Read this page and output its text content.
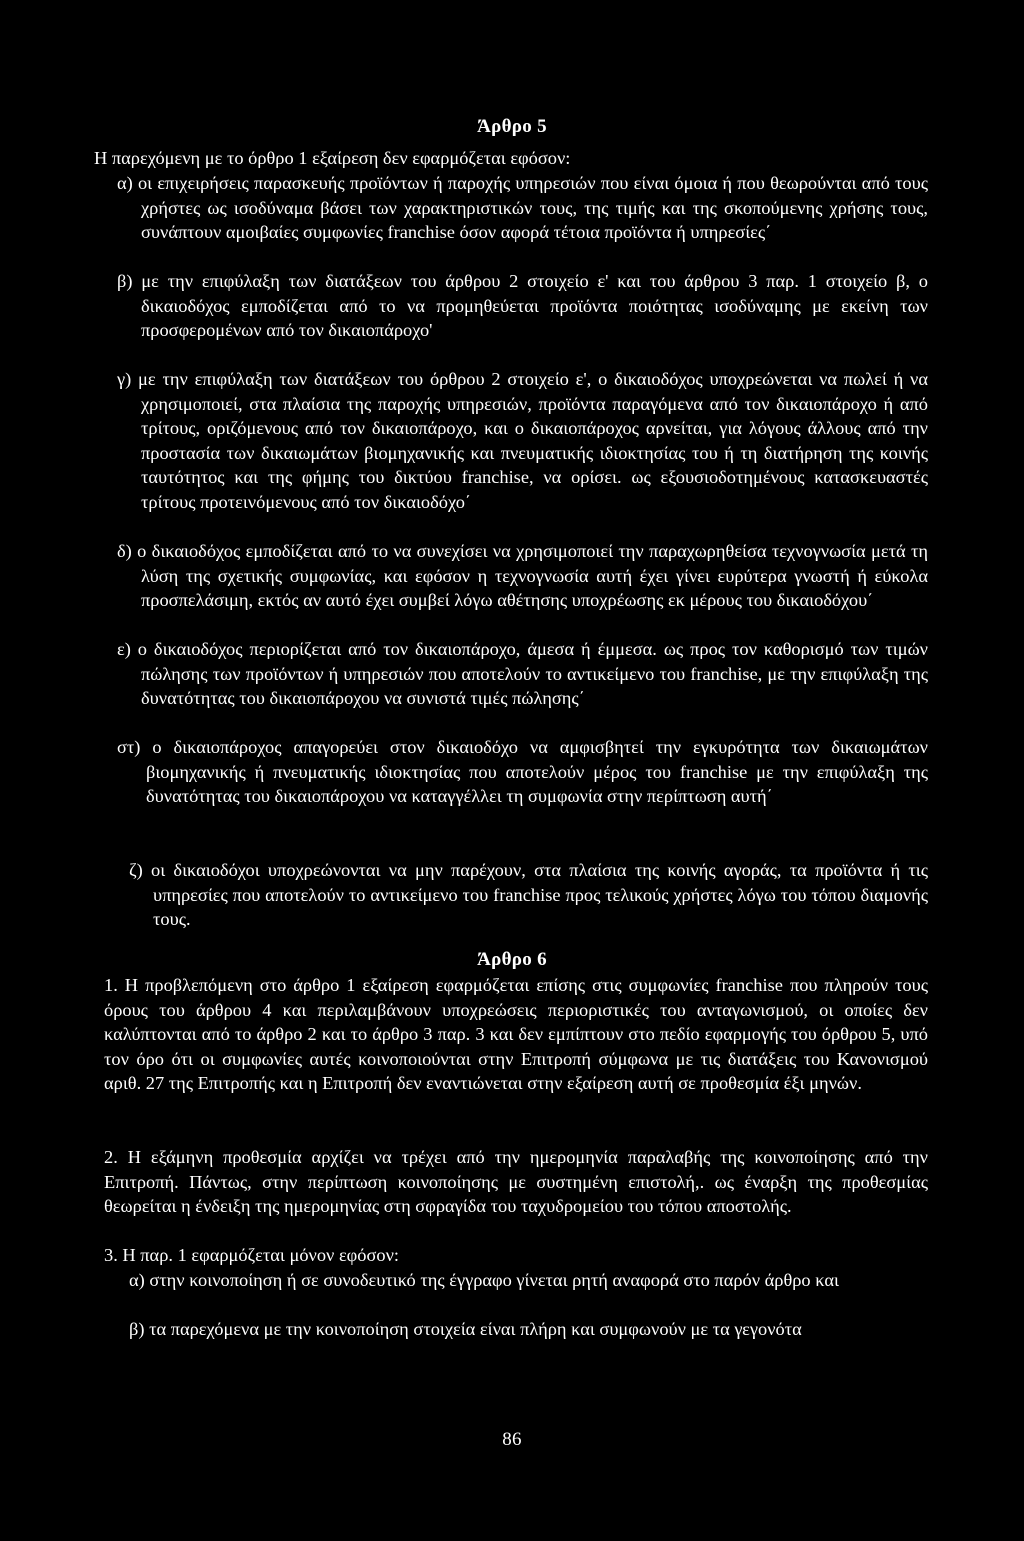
Άρθρο 5
Η παρεχόμενη με το όρθρο 1 εξαίρεση δεν εφαρμόζεται εφόσον:
α) οι επιχειρήσεις παρασκευής προϊόντων ή παροχής υπηρεσιών που είναι όμοια ή που θεωρούνται από τους χρήστες ως ισοδύναμα βάσει των χαρακτηριστικών τους, της τιμής και της σκοπούμενης χρήσης τους, συνάπτουν αμοιβαίες συμφωνίες franchise όσον αφορά τέτοια προϊόντα ή υπηρεσίες΄
β) με την επιφύλαξη των διατάξεων του άρθρου 2 στοιχείο ε' και του άρθρου 3 παρ. 1 στοιχείο β, ο δικαιοδόχος εμποδίζεται από το να προμηθεύεται προϊόντα ποιότητας ισοδύναμης με εκείνη των προσφερομένων από τον δικαιοπάροχο'
γ) με την επιφύλαξη των διατάξεων του όρθρου 2 στοιχείο ε', ο δικαιοδόχος υποχρεώνεται να πωλεί ή να χρησιμοποιεί, στα πλαίσια της παροχής υπηρεσιών, προϊόντα παραγόμενα από τον δικαιοπάροχο ή από τρίτους, οριζόμενους από τον δικαιοπάροχο, και ο δικαιοπάροχος αρνείται, για λόγους άλλους από την προστασία των δικαιωμάτων βιομηχανικής και πνευματικής ιδιοκτησίας του ή τη διατήρηση της κοινής ταυτότητος και της φήμης του δικτύου franchise, να ορίσει. ως εξουσιοδοτημένους κατασκευαστές τρίτους προτεινόμενους από τον δικαιοδόχο΄
δ) ο δικαιοδόχος εμποδίζεται από το να συνεχίσει να χρησιμοποιεί την παραχωρηθείσα τεχνογνωσία μετά τη λύση της σχετικής συμφωνίας, και εφόσον η τεχνογνωσία αυτή έχει γίνει ευρύτερα γνωστή ή εύκολα προσπελάσιμη, εκτός αν αυτό έχει συμβεί λόγω αθέτησης υποχρέωσης εκ μέρους του δικαιοδόχου΄
ε) ο δικαιοδόχος περιορίζεται από τον δικαιοπάροχο, άμεσα ή έμμεσα. ως προς τον καθορισμό των τιμών πώλησης των προϊόντων ή υπηρεσιών που αποτελούν το αντικείμενο του franchise, με την επιφύλαξη της δυνατότητας του δικαιοπάροχου να συνιστά τιμές πώλησης΄
στ) ο δικαιοπάροχος απαγορεύει στον δικαιοδόχο να αμφισβητεί την εγκυρότητα των δικαιωμάτων βιομηχανικής ή πνευματικής ιδιοκτησίας που αποτελούν μέρος του franchise με την επιφύλαξη της δυνατότητας του δικαιοπάροχου να καταγγέλλει τη συμφωνία στην περίπτωση αυτή΄
ζ) οι δικαιοδόχοι υποχρεώνονται να μην παρέχουν, στα πλαίσια της κοινής αγοράς, τα προϊόντα ή τις υπηρεσίες που αποτελούν το αντικείμενο του franchise προς τελικούς χρήστες λόγω του τόπου διαμονής τους.
Άρθρο 6
1. Η προβλεπόμενη στο άρθρο 1 εξαίρεση εφαρμόζεται επίσης στις συμφωνίες franchise που πληρούν τους όρους του άρθρου 4 και περιλαμβάνουν υποχρεώσεις περιοριστικές του ανταγωνισμού, οι οποίες δεν καλύπτονται από το άρθρο 2 και το άρθρο 3 παρ. 3 και δεν εμπίπτουν στο πεδίο εφαρμογής του όρθρου 5, υπό τον όρο ότι οι συμφωνίες αυτές κοινοποιούνται στην Επιτροπή σύμφωνα με τις διατάξεις του Κανονισμού αριθ. 27 της Επιτροπής και η Επιτροπή δεν εναντιώνεται στην εξαίρεση αυτή σε προθεσμία έξι μηνών.
2. Η εξάμηνη προθεσμία αρχίζει να τρέχει από την ημερομηνία παραλαβής της κοινοποίησης από την Επιτροπή. Πάντως, στην περίπτωση κοινοποίησης με συστημένη επιστολή,. ως έναρξη της προθεσμίας θεωρείται η ένδειξη της ημερομηνίας στη σφραγίδα του ταχυδρομείου του τόπου αποστολής.
3. Η παρ. 1 εφαρμόζεται μόνον εφόσον:
α) στην κοινοποίηση ή σε συνοδευτικό της έγγραφο γίνεται ρητή αναφορά στο παρόν άρθρο και
β) τα παρεχόμενα με την κοινοποίηση στοιχεία είναι πλήρη και συμφωνούν με τα γεγονότα
86
